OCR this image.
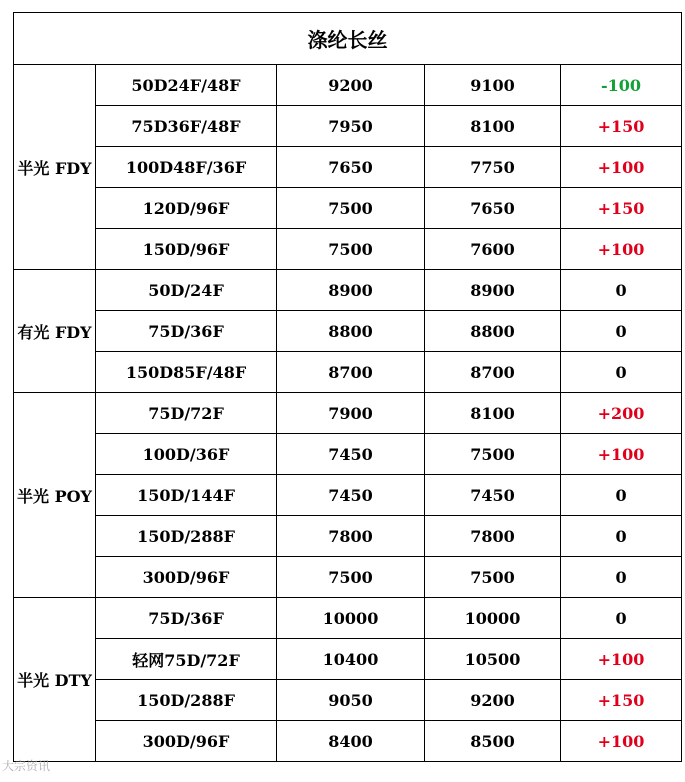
涤纶长丝				
半光 FDY	50D24F/48F	9200	9100	-100
	75D36F/48F	7950	8100	+150
	100D48F/36F	7650	7750	+100
	120D/96F	7500	7650	+150
	150D/96F	7500	7600	+100
有光 FDY	50D/24F	8900	8900	0
	75D/36F	8800	8800	0
	150D85F/48F	8700	8700	0
半光 POY	75D/72F	7900	8100	+200
	100D/36F	7450	7500	+100
	150D/144F	7450	7450	0
	150D/288F	7800	7800	0
	300D/96F	7500	7500	0
半光 DTY	75D/36F	10000	10000	0
	轻网75D/72F	10400	10500	+100
	150D/288F	9050	9200	+150
	300D/96F	8400	8500	+100
大宗资讯
